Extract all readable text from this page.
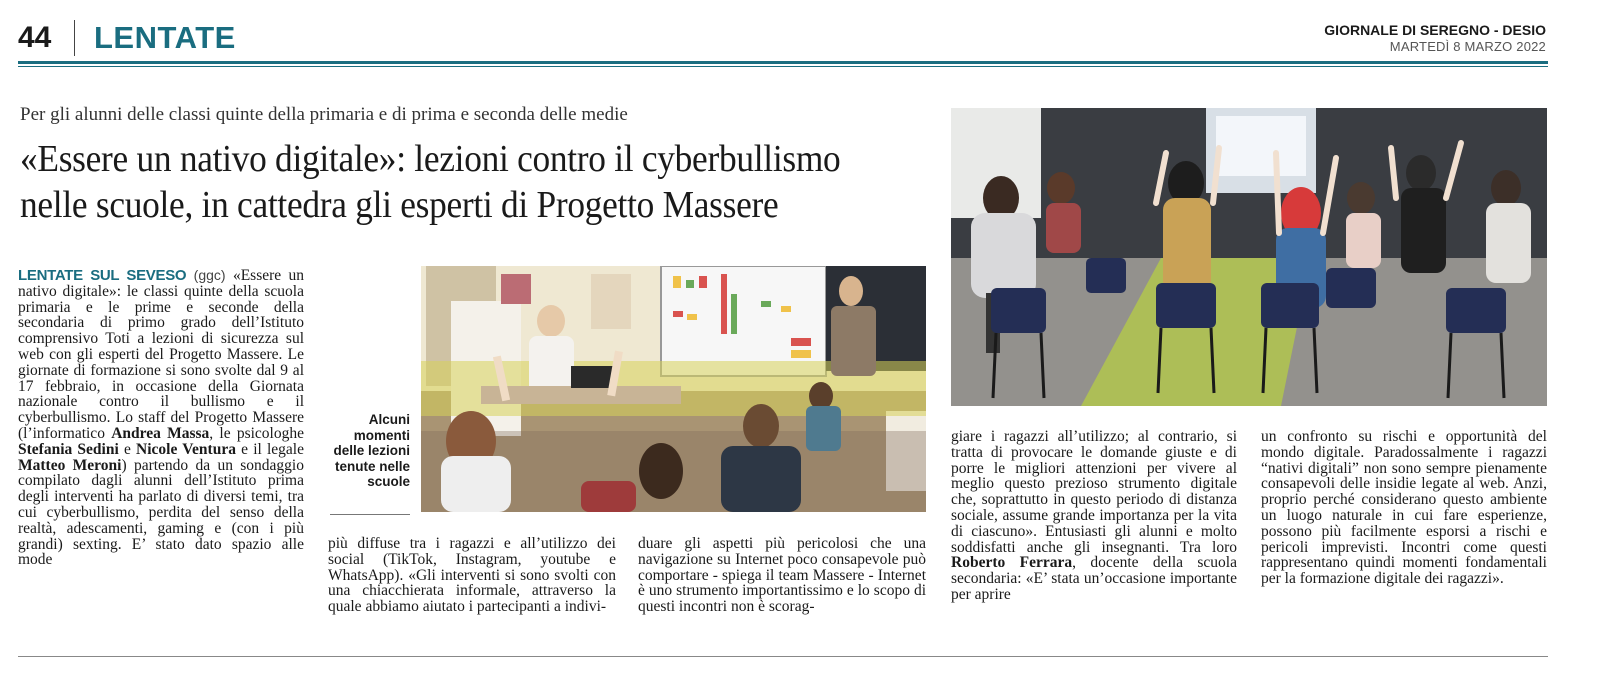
44 LENTATE	GIORNALE DI SEREGNO - DESIO
MARTEDÌ 8 MARZO 2022
Per gli alunni delle classi quinte della primaria e di prima e seconda delle medie
«Essere un nativo digitale»: lezioni contro il cyberbullismo nelle scuole, in cattedra gli esperti di Progetto Massere
LENTATE SUL SEVESO (ggc) «Essere un nativo digitale»: le classi quinte della scuola primaria e le prime e seconde della secondaria di primo grado dell’Istituto comprensivo Toti a lezioni di sicurezza sul web con gli esperti del Progetto Massere. Le giornate di formazione si sono svolte dal 9 al 17 febbraio, in occasione della Giornata nazionale contro il bullismo e il cyberbullismo. Lo staff del Progetto Massere (l’informatico Andrea Massa, le psicologhe Stefania Sedini e Nicole Ventura e il legale Matteo Meroni) partendo da un sondaggio compilato dagli alunni dell’Istituto prima degli interventi ha parlato di diversi temi, tra cui cyberbullismo, perdita del senso della realtà, adescamenti, gaming e (con i più grandi) sexting. E’ stato dato spazio alle mode
Alcuni momenti delle lezioni tenute nelle scuole
più diffuse tra i ragazzi e all’utilizzo dei social (TikTok, Instagram, youtube e WhatsApp). «Gli interventi si sono svolti con una chiacchierata informale, attraverso la quale abbiamo aiutato i partecipanti a indivi-
duare gli aspetti più pericolosi che una navigazione su Internet poco consapevole può comportare - spiega il team Massere - Internet è uno strumento importantissimo e lo scopo di questi incontri non è scorag-
giare i ragazzi all’utilizzo; al contrario, si tratta di provocare le domande giuste e di porre le migliori attenzioni per vivere al meglio questo prezioso strumento digitale che, soprattutto in questo periodo di distanza sociale, assume grande importanza per la vita di ciascuno». Entusiasti gli alunni e molto soddisfatti anche gli insegnanti. Tra loro Roberto Ferrara, docente della scuola secondaria: «E’ stata un’occasione importante per aprire
un confronto su rischi e opportunità del mondo digitale. Paradossalmente i ragazzi “nativi digitali” non sono sempre pienamente consapevoli delle insidie legate al web. Anzi, proprio perché considerano questo ambiente un luogo naturale in cui fare esperienze, possono più facilmente esporsi a rischi e pericoli imprevisti. Incontri come questi rappresentano quindi momenti fondamentali per la formazione digitale dei ragazzi».
